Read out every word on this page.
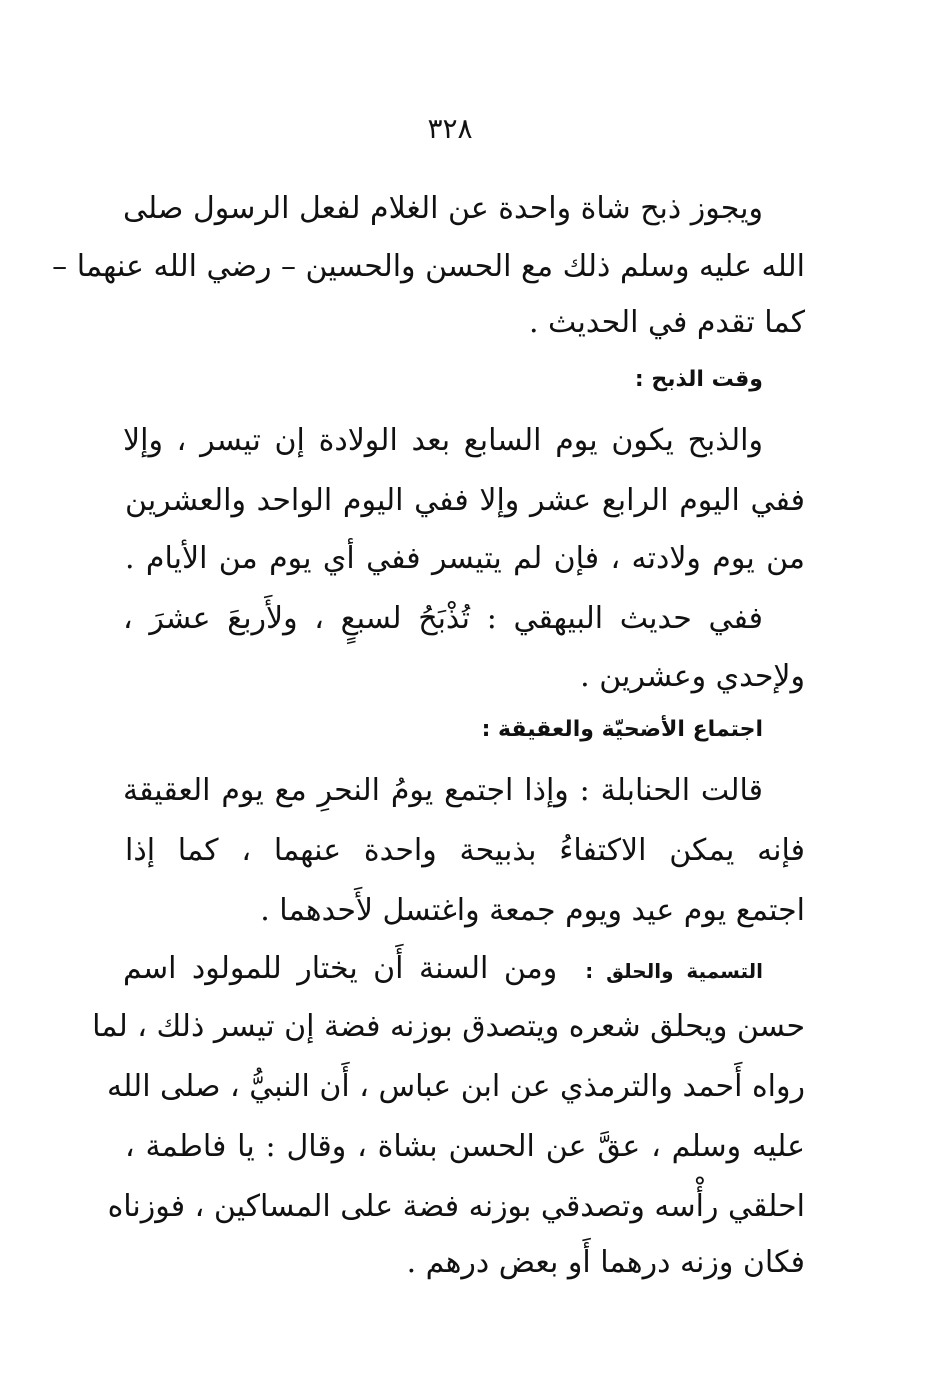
٣٢٨
ويجوز ذبح شاة واحدة عن الغلام لفعل الرسول صلى
الله عليه وسلم ذلك مع الحسن والحسين – رضي الله عنهما –
كما تقدم في الحديث .
وقت الذبح :
والذبح يكون يوم السابع بعد الولادة إن تيسر ، وإلا
ففي اليوم الرابع عشر وإلا ففي اليوم الواحد والعشرين
من يوم ولادته ، فإن لم يتيسر ففي أي يوم من الأيام .
ففي حديث البيهقي : تُذْبَحُ لسبعٍ ، ولأَربعَ عشرَ ،
ولإحدي وعشرين .
اجتماع الأضحيّة والعقيقة :
قالت الحنابلة : وإذا اجتمع يومُ النحرِ مع يوم العقيقة
فإنه يمكن الاكتفاءُ بذبيحة واحدة عنهما ، كما إذا
اجتمع يوم عيد ويوم جمعة واغتسل لأَحدهما .
التسمية والحلق :ومن السنة أَن يختار للمولود اسم
حسن ويحلق شعره ويتصدق بوزنه فضة إن تيسر ذلك ، لما
رواه أَحمد والترمذي عن ابن عباس ، أَن النبيُّ ، صلى الله
عليه وسلم ، عقَّ عن الحسن بشاة ، وقال : يا فاطمة ،
احلقي رأْسه وتصدقي بوزنه فضة على المساكين ، فوزناه
فكان وزنه درهما أَو بعض درهم .
